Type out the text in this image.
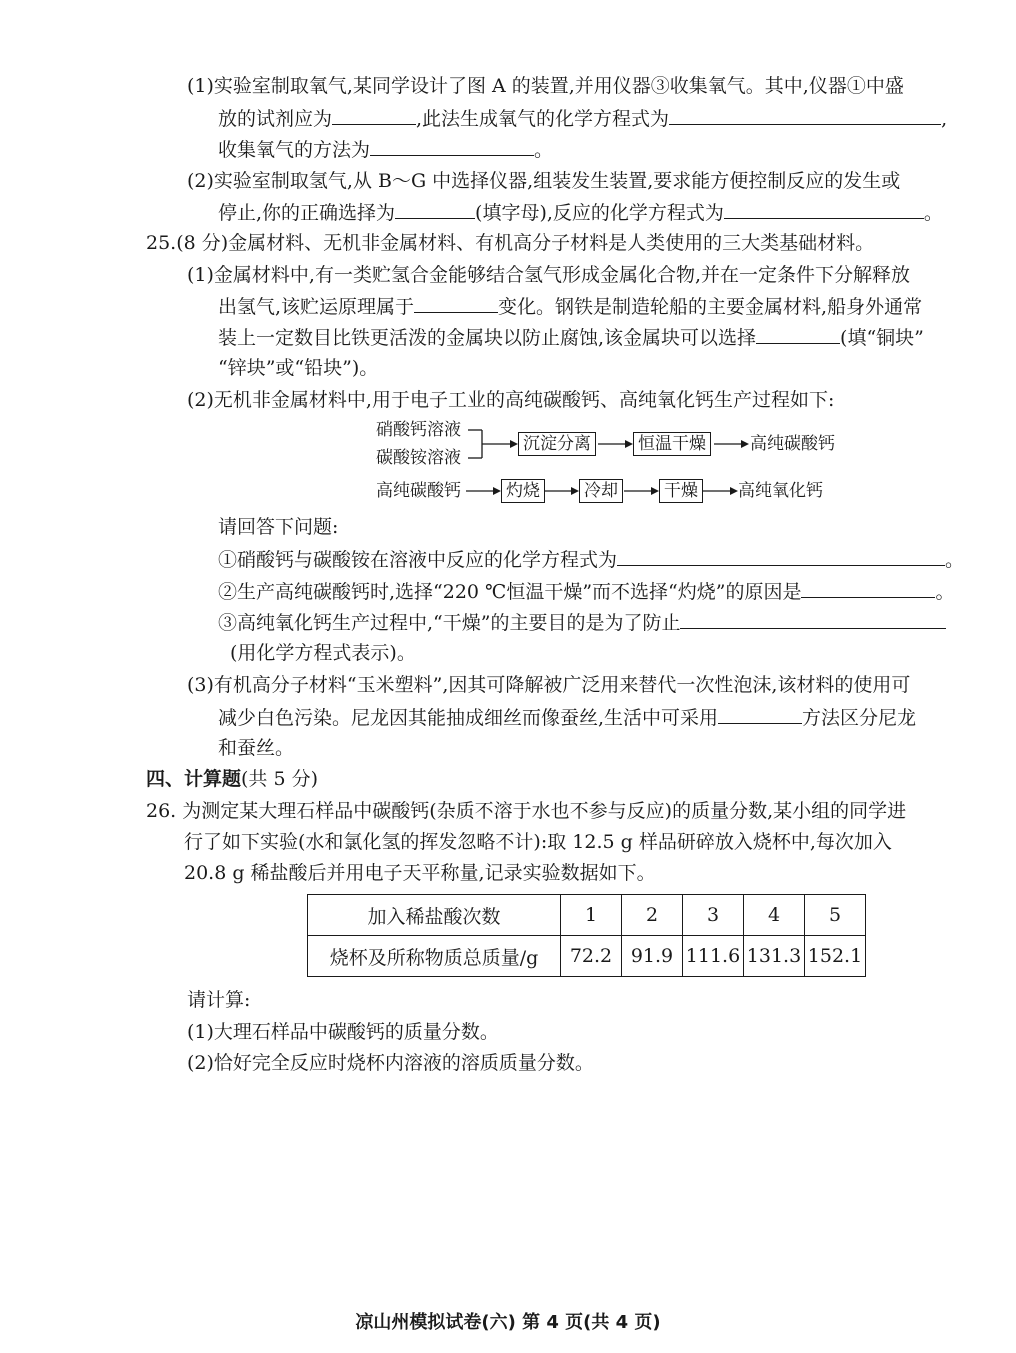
(1)实验室制取氧气,某同学设计了图 A 的装置,并用仪器③收集氧气。其中,仪器①中盛
放的试剂应为	,此法生成氧气的化学方程式为	,
收集氧气的方法为	。
(2)实验室制取氢气,从 B～G 中选择仪器,组装发生装置,要求能方便控制反应的发生或
停止,你的正确选择为	(填字母),反应的化学方程式为	。
25.(8 分)金属材料、无机非金属材料、有机高分子材料是人类使用的三大类基础材料。
(1)金属材料中,有一类贮氢合金能够结合氢气形成金属化合物,并在一定条件下分解释放
出氢气,该贮运原理属于	变化。钢铁是制造轮船的主要金属材料,船身外通常
装上一定数目比铁更活泼的金属块以防止腐蚀,该金属块可以选择	(填“铜块”
“锌块”或“铅块”)。
(2)无机非金属材料中,用于电子工业的高纯碳酸钙、高纯氧化钙生产过程如下:
硝酸钙溶液
碳酸铵溶液
沉淀分离	恒温干燥	高纯碳酸钙
高纯碳酸钙	灼烧	冷却	干燥 高纯氧化钙
请回答下问题:
①硝酸钙与碳酸铵在溶液中反应的化学方程式为	。
②生产高纯碳酸钙时,选择“220 ℃恒温干燥”而不选择“灼烧”的原因是	。
③高纯氧化钙生产过程中,“干燥”的主要目的是为了防止
(用化学方程式表示)。
(3)有机高分子材料“玉米塑料”,因其可降解被广泛用来替代一次性泡沫,该材料的使用可
减少白色污染。尼龙因其能抽成细丝而像蚕丝,生活中可采用	方法区分尼龙
和蚕丝。
四、计算题(共 5 分)
26. 为测定某大理石样品中碳酸钙(杂质不溶于水也不参与反应)的质量分数,某小组的同学进
行了如下实验(水和氯化氢的挥发忽略不计):取 12.5 g 样品研碎放入烧杯中,每次加入
20.8 g 稀盐酸后并用电子天平称量,记录实验数据如下。
加入稀盐酸次数	1	2	3	4	5
烧杯及所称物质总质量/g	72.2	91.9	111.6	131.3	152.1
请计算:
(1)大理石样品中碳酸钙的质量分数。
(2)恰好完全反应时烧杯内溶液的溶质质量分数。
凉山州模拟试卷(六) 第 4 页(共 4 页)
